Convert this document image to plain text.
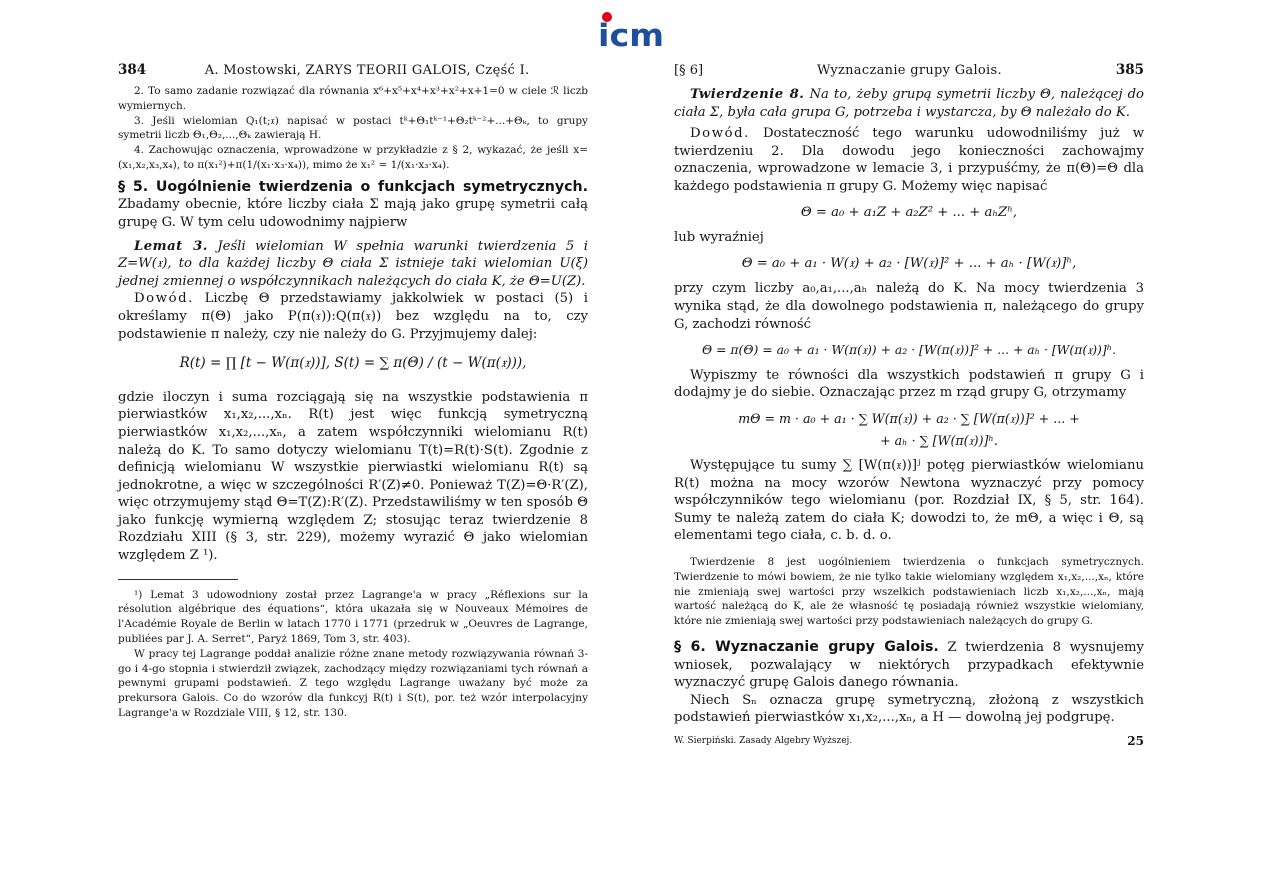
icm
384	A. Mostowski, ZARYS TEORII GALOIS, Część I.

2. To samo zadanie rozwiązać dla równania x⁶+x⁵+x⁴+x³+x²+x+1=0 w ciele ℛ liczb wymiernych.

3. Jeśli wielomian Q₁(t;𝔵) napisać w postaci tᵏ+Θ₁tᵏ⁻¹+Θ₂tᵏ⁻²+...+Θₖ, to grupy symetrii liczb Θ₁,Θ₂,...,Θₖ zawierają H.

4. Zachowując oznaczenia, wprowadzone w przykładzie z § 2, wykazać, że jeśli x=(x₁,x₂,x₃,x₄), to π(x₁²)+π(1/(x₁·x₃·x₄)), mimo że x₁² = 1/(x₁·x₃·x₄).

§ 5. Uogólnienie twierdzenia o funkcjach symetrycznych. Zbadamy obecnie, które liczby ciała Σ mają jako grupę symetrii całą grupę G. W tym celu udowodnimy najpierw

Lemat 3. Jeśli wielomian W spełnia warunki twierdzenia 5 i Z=W(𝔵), to dla każdej liczby Θ ciała Σ istnieje taki wielomian U(ξ) jednej zmiennej o współczynnikach należących do ciała K, że Θ=U(Z).

Dowód. Liczbę Θ przedstawiamy jakkolwiek w postaci (5) i określamy π(Θ) jako P(π(𝔵)):Q(π(𝔵)) bez względu na to, czy podstawienie π należy, czy nie należy do G. Przyjmujemy dalej:

R(t) = ∏ [t − W(π(𝔵))], S(t) = ∑ π(Θ) / (t − W(π(𝔵))),

gdzie iloczyn i suma rozciągają się na wszystkie podstawienia π pierwiastków x₁,x₂,...,xₙ. R(t) jest więc funkcją symetryczną pierwiastków x₁,x₂,...,xₙ, a zatem współczynniki wielomianu R(t) należą do K. To samo dotyczy wielomianu T(t)=R(t)·S(t). Zgodnie z definicją wielomianu W wszystkie pierwiastki wielomianu R(t) są jednokrotne, a więc w szczególności R′(Z)≠0. Ponieważ T(Z)=Θ·R′(Z), więc otrzymujemy stąd Θ=T(Z):R′(Z). Przedstawiliśmy w ten sposób Θ jako funkcję wymierną względem Z; stosując teraz twierdzenie 8 Rozdziału XIII (§ 3, str. 229), możemy wyrazić Θ jako wielomian względem Z ¹).

¹) Lemat 3 udowodniony został przez Lagrange'a w pracy „Réflexions sur la résolution algébrique des équations“, która ukazała się w Nouveaux Mémoires de l'Académie Royale de Berlin w latach 1770 i 1771 (przedruk w „Oeuvres de Lagrange, publiées par J. A. Serret“, Paryż 1869, Tom 3, str. 403).

W pracy tej Lagrange poddał analizie różne znane metody rozwiązywania równań 3-go i 4-go stopnia i stwierdził związek, zachodzący między rozwiązaniami tych równań a pewnymi grupami podstawień. Z tego względu Lagrange uważany być może za prekursora Galois. Co do wzorów dla funkcyj R(t) i S(t), por. też wzór interpolacyjny Lagrange'a w Rozdziale VIII, § 12, str. 130.

[§ 6]	Wyznaczanie grupy Galois.	385

Twierdzenie 8. Na to, żeby grupą symetrii liczby Θ, należącej do ciała Σ, była cała grupa G, potrzeba i wystarcza, by Θ należało do K.

Dowód. Dostateczność tego warunku udowodniliśmy już w twierdzeniu 2. Dla dowodu jego konieczności zachowajmy oznaczenia, wprowadzone w lemacie 3, i przypuśćmy, że π(Θ)=Θ dla każdego podstawienia π grupy G. Możemy więc napisać

Θ = a₀ + a₁Z + a₂Z² + ... + aₕZʰ,

lub wyraźniej

Θ = a₀ + a₁ · W(𝔵) + a₂ · [W(𝔵)]² + ... + aₕ · [W(𝔵)]ʰ,

przy czym liczby a₀,a₁,...,aₕ należą do K. Na mocy twierdzenia 3 wynika stąd, że dla dowolnego podstawienia π, należącego do grupy G, zachodzi równość

Θ = π(Θ) = a₀ + a₁ · W(π(𝔵)) + a₂ · [W(π(𝔵))]² + ... + aₕ · [W(π(𝔵))]ʰ.

Wypiszmy te równości dla wszystkich podstawień π grupy G i dodajmy je do siebie. Oznaczając przez m rząd grupy G, otrzymamy

mΘ = m · a₀ + a₁ · ∑ W(π(𝔵)) + a₂ · ∑ [W(π(𝔵))]² + ... +
+ aₕ · ∑ [W(π(𝔵))]ʰ.

Występujące tu sumy ∑ [W(π(𝔵))]ʲ potęg pierwiastków wielomianu R(t) można na mocy wzorów Newtona wyznaczyć przy pomocy współczynników tego wielomianu (por. Rozdział IX, § 5, str. 164). Sumy te należą zatem do ciała K; dowodzi to, że mΘ, a więc i Θ, są elementami tego ciała, c. b. d. o.

Twierdzenie 8 jest uogólnieniem twierdzenia o funkcjach symetrycznych. Twierdzenie to mówi bowiem, że nie tylko takie wielomiany względem x₁,x₂,...,xₙ, które nie zmieniają swej wartości przy wszelkich podstawieniach liczb x₁,x₂,...,xₙ, mają wartość należącą do K, ale że własność tę posiadają również wszystkie wielomiany, które nie zmieniają swej wartości przy podstawieniach należących do grupy G.

§ 6. Wyznaczanie grupy Galois. Z twierdzenia 8 wysnujemy wniosek, pozwalający w niektórych przypadkach efektywnie wyznaczyć grupę Galois danego równania.

Niech Sₙ oznacza grupę symetryczną, złożoną z wszystkich podstawień pierwiastków x₁,x₂,...,xₙ, a H — dowolną jej podgrupę.

W. Sierpiński. Zasady Algebry Wyższej.	25
